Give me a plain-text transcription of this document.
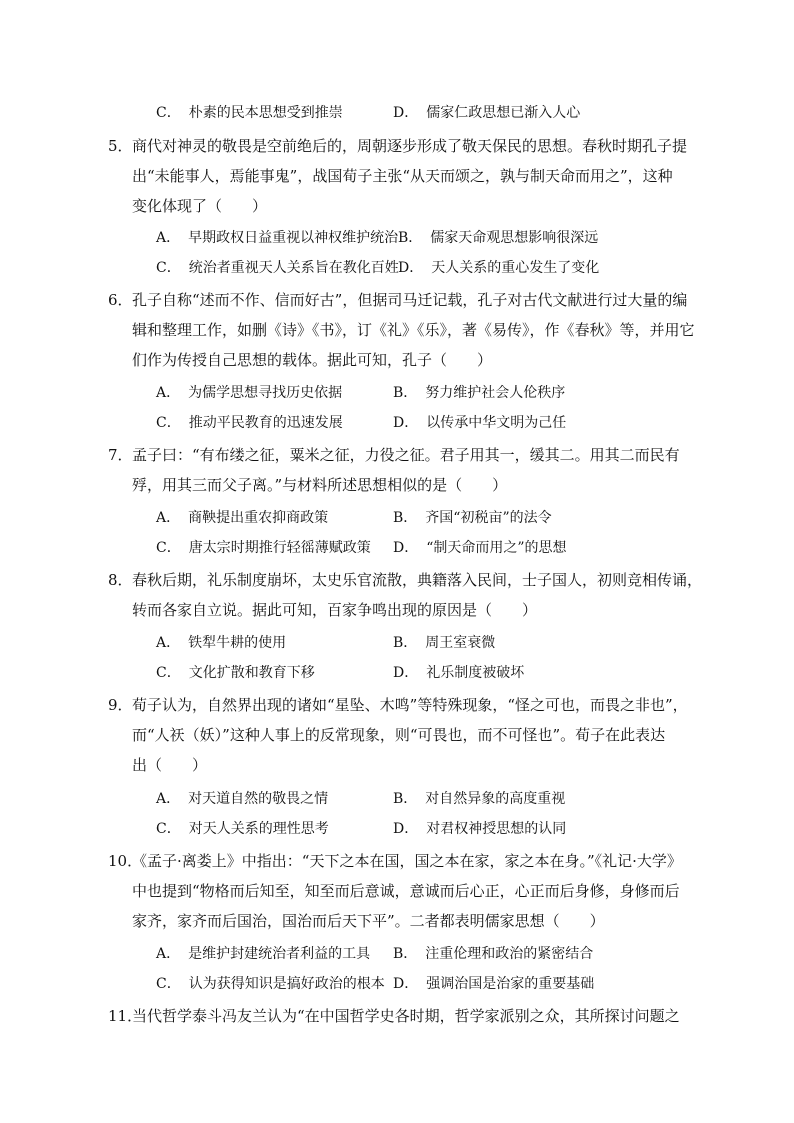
C． 朴素的民本思想受到推崇	D． 儒家仁政思想已渐入人心
5．商代对神灵的敬畏是空前绝后的，周朝逐步形成了敬天保民的思想。春秋时期孔子提
出“未能事人，焉能事鬼”，战国荀子主张“从天而颂之，孰与制天命而用之”，这种
变化体现了（　　）
A． 早期政权日益重视以神权维护统治 B． 儒家天命观思想影响很深远
C． 统治者重视天人关系旨在教化百姓 D． 天人关系的重心发生了变化
6．孔子自称“述而不作、信而好古”，但据司马迁记载，孔子对古代文献进行过大量的编
辑和整理工作，如删《诗》《书》，订《礼》《乐》，著《易传》，作《春秋》等，并用它
们作为传授自己思想的载体。据此可知，孔子（　　）
A． 为儒学思想寻找历史依据	B． 努力维护社会人伦秩序
C． 推动平民教育的迅速发展	D． 以传承中华文明为己任
7．孟子曰：“有布缕之征，粟米之征，力役之征。君子用其一，缓其二。用其二而民有
殍，用其三而父子离。”与材料所述思想相似的是（　　）
A． 商鞅提出重农抑商政策	B． 齐国“初税亩”的法令
C． 唐太宗时期推行轻徭薄赋政策 D． “制天命而用之”的思想
8．春秋后期，礼乐制度崩坏，太史乐官流散，典籍落入民间，士子国人，初则竞相传诵，
转而各家自立说。据此可知，百家争鸣出现的原因是（　　）
A． 铁犁牛耕的使用	B． 周王室衰微
C． 文化扩散和教育下移	D． 礼乐制度被破坏
9．荀子认为，自然界出现的诸如“星坠、木鸣”等特殊现象，“怪之可也，而畏之非也”，
而“人祆（妖）”这种人事上的反常现象，则“可畏也，而不可怪也”。荀子在此表达
出（　　）
A． 对天道自然的敬畏之情	B． 对自然异象的高度重视
C． 对天人关系的理性思考	D． 对君权神授思想的认同
10．《孟子·离娄上》中指出：“天下之本在国，国之本在家，家之本在身。”《礼记·大学》
中也提到“物格而后知至，知至而后意诚，意诚而后心正，心正而后身修，身修而后
家齐，家齐而后国治，国治而后天下平”。二者都表明儒家思想（　　）
A． 是维护封建统治者利益的工具 B． 注重伦理和政治的紧密结合
C． 认为获得知识是搞好政治的根本 D． 强调治国是治家的重要基础
11．当代哲学泰斗冯友兰认为“在中国哲学史各时期，哲学家派别之众，其所探讨问题之
